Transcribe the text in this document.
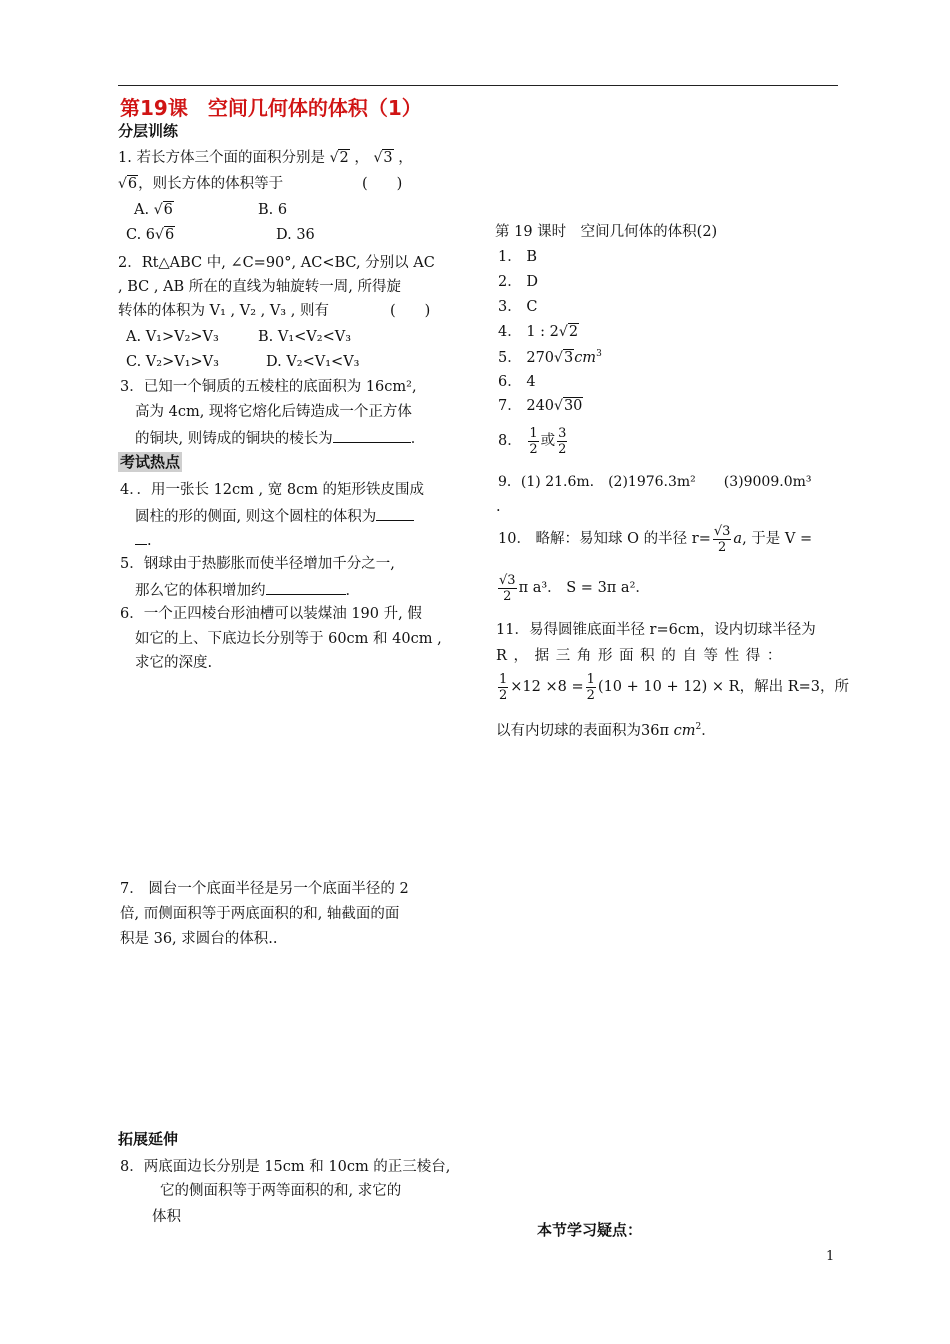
第19课　空间几何体的体积（1）
分层训练
1. 若长方体三个面的面积分别是 √2 ， √3 ，
√6，则长方体的体积等于	(　　)
A. √6	B. 6
C. 6√6	D. 36
2．Rt△ABC 中, ∠C=90°, AC<BC, 分别以 AC
, BC , AB 所在的直线为轴旋转一周, 所得旋
转体的体积为 V₁ , V₂ , V₃ , 则有	(　　)
A. V₁>V₂>V₃	B. V₁<V₂<V₃
C. V₂>V₁>V₃	D. V₂<V₁<V₃
3．已知一个铜质的五棱柱的底面积为 16cm²,
高为 4cm, 现将它熔化后铸造成一个正方体
的铜块, 则铸成的铜块的棱长为	．
考试热点
4．．用一张长 12cm , 宽 8cm 的矩形铁皮围成
圆柱的形的侧面, 则这个圆柱的体积为
.
5．钢球由于热膨胀而使半径增加千分之一,
那么它的体积增加约	．
6．一个正四棱台形油槽可以装煤油 190 升, 假
如它的上、下底边长分别等于 60cm 和 40cm ,
求它的深度.
7． 圆台一个底面半径是另一个底面半径的 2
倍, 而侧面积等于两底面积的和, 轴截面的面
积是 36, 求圆台的体积..
拓展延伸
8．两底面边长分别是 15cm 和 10cm 的正三棱台,
它的侧面积等于两等面积的和, 求它的
体积
本节学习疑点：
第 19 课时　空间几何体的体积(2)
1． B
2． D
3． C
4． 1 : 2√2
5． $270√3cm^3$
6． 4
7． 240√30
8． $\frac{1}{2}$ 或 $\frac{3}{2}$
9．(1) 21.6m.　(2)1976.3m²　　(3)9009.0m³
.
10． 略解：易知球 O 的半径 $r= \frac{√3}{2} a$, 于是 V =
$\frac{√3}{2}$ π a³． S = 3π a²．
11．易得圆锥底面半径 r=6cm，设内切球半径为
R ， 据 三 角 形 面 积 的 自 等 性 得 ：
$\frac{1}{2} \times 12 \times 8 = \frac{1}{2} (10 + 10 + 12) \times R$，解出 R=3，所
以有内切球的表面积为36π $cm^2$．
1
